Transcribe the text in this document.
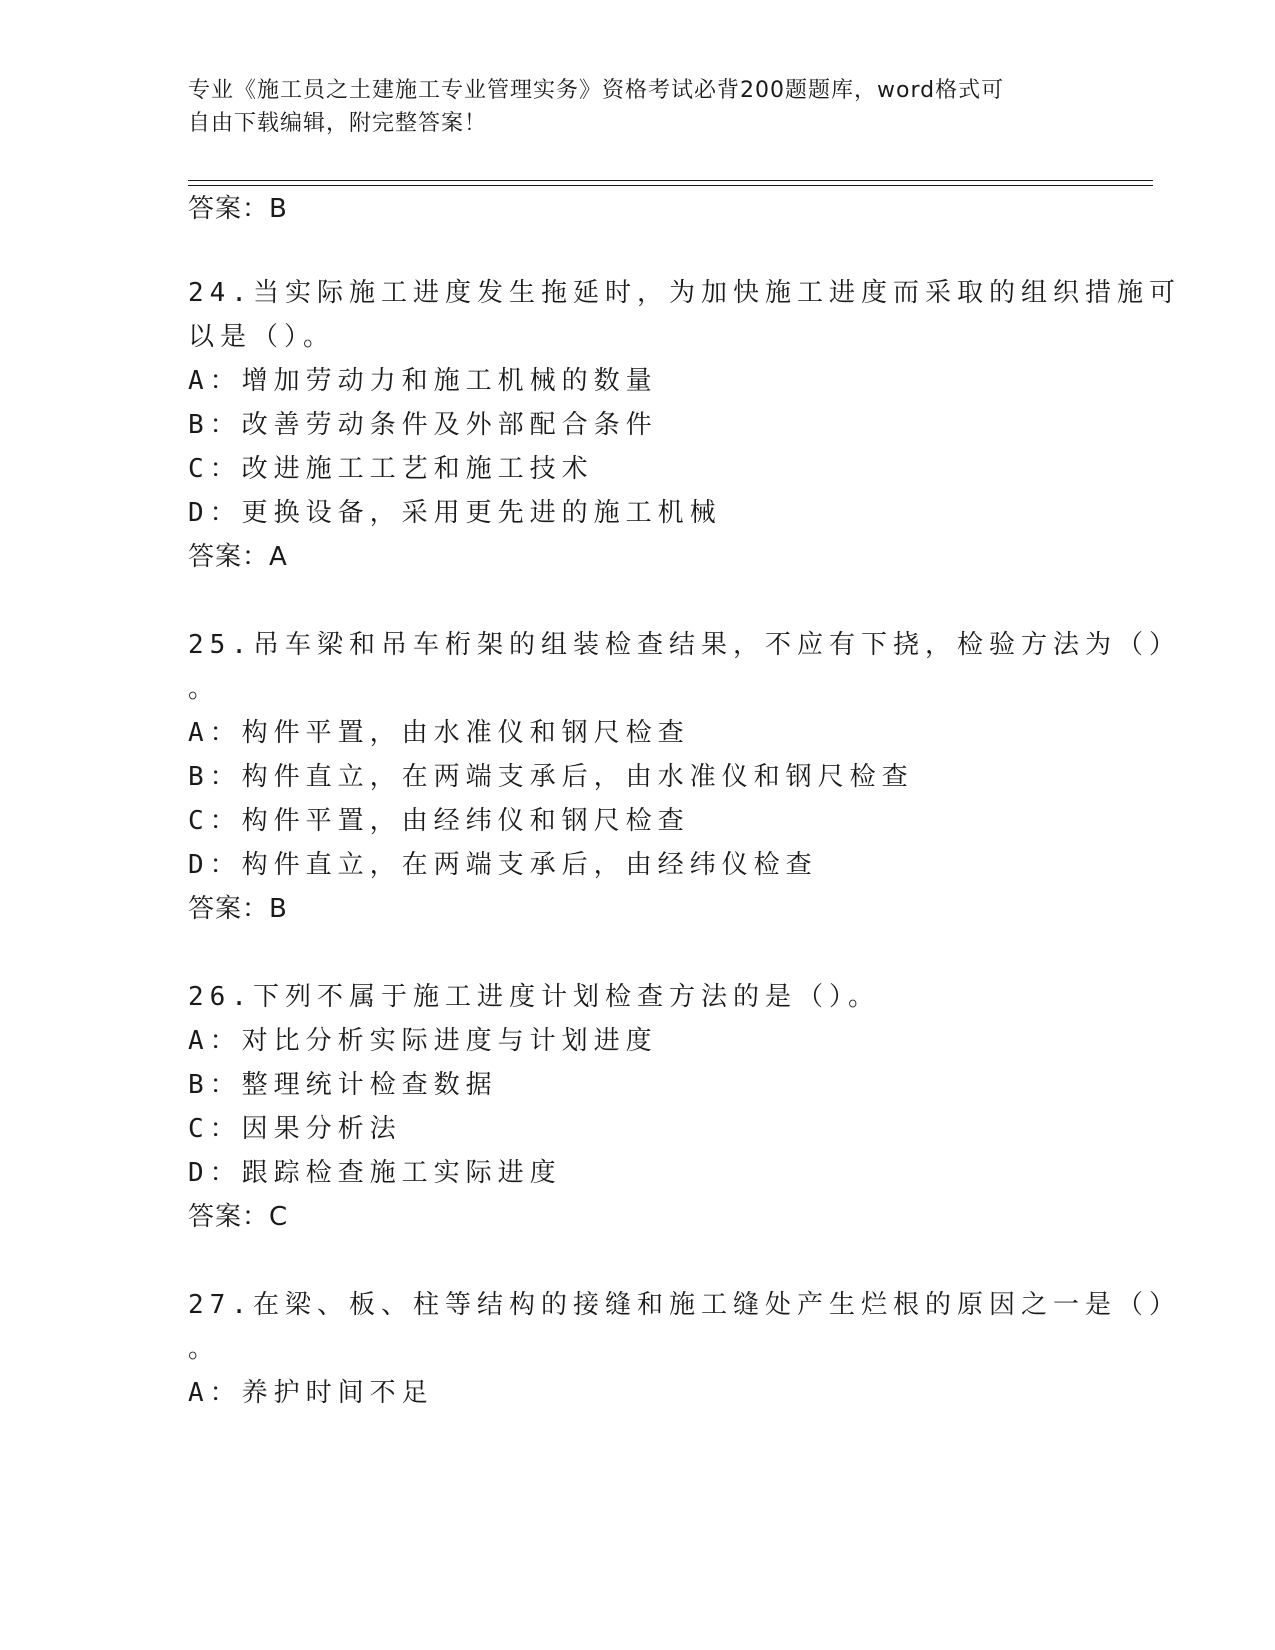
专业《施工员之土建施工专业管理实务》资格考试必背200题题库，word格式可
自由下载编辑，附完整答案！
答案：B
24.当实际施工进度发生拖延时，为加快施工进度而采取的组织措施可
以是（）。
A：增加劳动力和施工机械的数量
B：改善劳动条件及外部配合条件
C：改进施工工艺和施工技术
D：更换设备，采用更先进的施工机械
答案：A
25.吊车梁和吊车桁架的组装检查结果，不应有下挠，检验方法为（）
。
A：构件平置，由水准仪和钢尺检查
B：构件直立，在两端支承后，由水准仪和钢尺检查
C：构件平置，由经纬仪和钢尺检查
D：构件直立，在两端支承后，由经纬仪检查
答案：B
26.下列不属于施工进度计划检查方法的是（）。
A：对比分析实际进度与计划进度
B：整理统计检查数据
C：因果分析法
D：跟踪检查施工实际进度
答案：C
27.在梁、板、柱等结构的接缝和施工缝处产生烂根的原因之一是（）
。
A：养护时间不足
